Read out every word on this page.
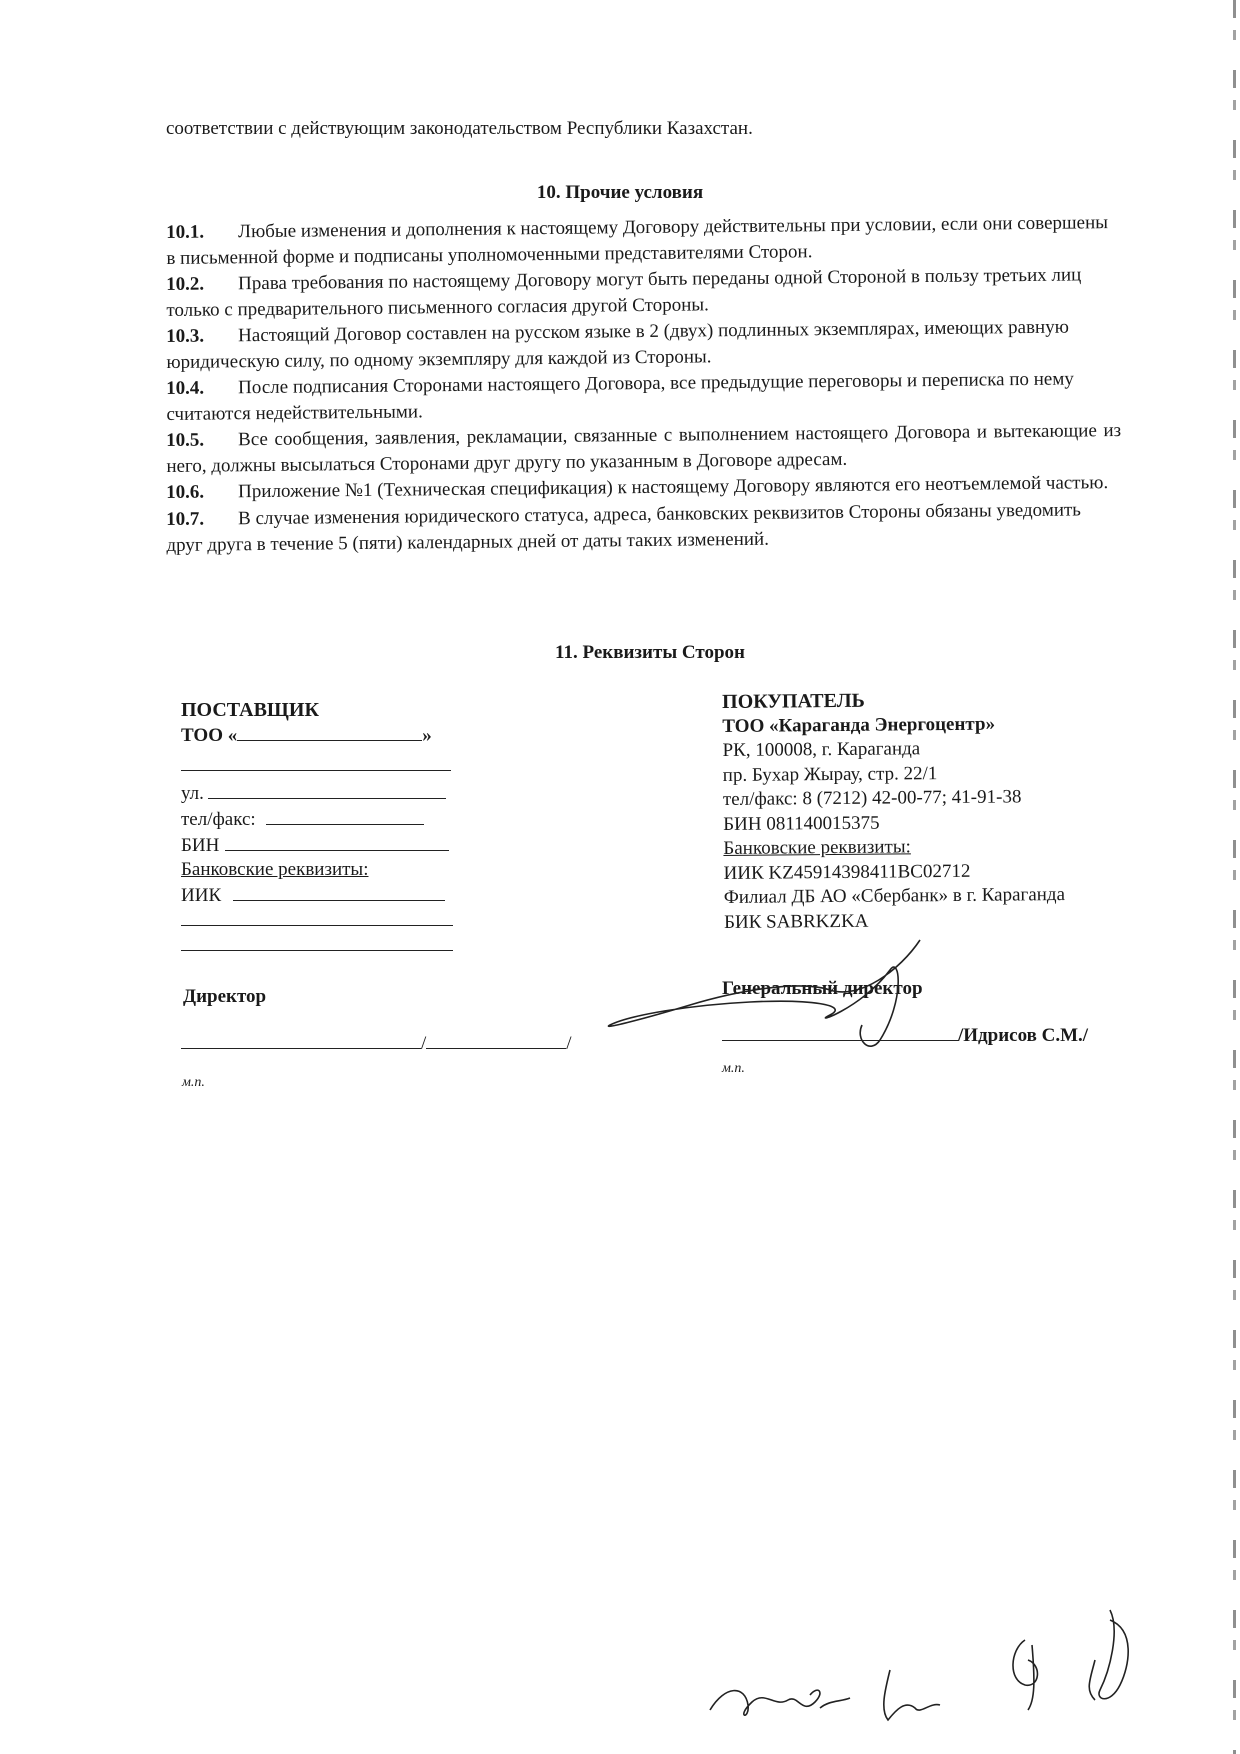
соответствии с действующим законодательством Республики Казахстан.
10. Прочие условия
10.1. Любые изменения и дополнения к настоящему Договору действительны при условии, если они совершены в письменной форме и подписаны уполномоченными представителями Сторон.
10.2. Права требования по настоящему Договору могут быть переданы одной Стороной в пользу третьих лиц только с предварительного письменного согласия другой Стороны.
10.3. Настоящий Договор составлен на русском языке в 2 (двух) подлинных экземплярах, имеющих равную юридическую силу, по одному экземпляру для каждой из Стороны.
10.4. После подписания Сторонами настоящего Договора, все предыдущие переговоры и переписка по нему считаются недействительными.
10.5. Все сообщения, заявления, рекламации, связанные с выполнением настоящего Договора и вытекающие из него, должны высылаться Сторонами друг другу по указанным в Договоре адресам.
10.6. Приложение №1 (Техническая спецификация) к настоящему Договору являются его неотъемлемой частью.
10.7. В случае изменения юридического статуса, адреса, банковских реквизитов Стороны обязаны уведомить друг друга в течение 5 (пяти) календарных дней от даты таких изменений.
11. Реквизиты Сторон
ПОСТАВЩИК
ТОО «	»
ул.
тел/факс:
БИН
Банковские реквизиты:
ИИК
Директор
/	/
м.п.
ПОКУПАТЕЛЬ
ТОО «Караганда Энергоцентр»
РК, 100008, г. Караганда
пр. Бухар Жырау, стр. 22/1
тел/факс: 8 (7212) 42-00-77; 41-91-38
БИН 081140015375
Банковские реквизиты:
ИИК KZ45914398411BC02712
Филиал ДБ АО «Сбербанк» в г. Караганда
БИК SABRKZKA
Генеральный директор
/Идрисов С.М./
м.п.
